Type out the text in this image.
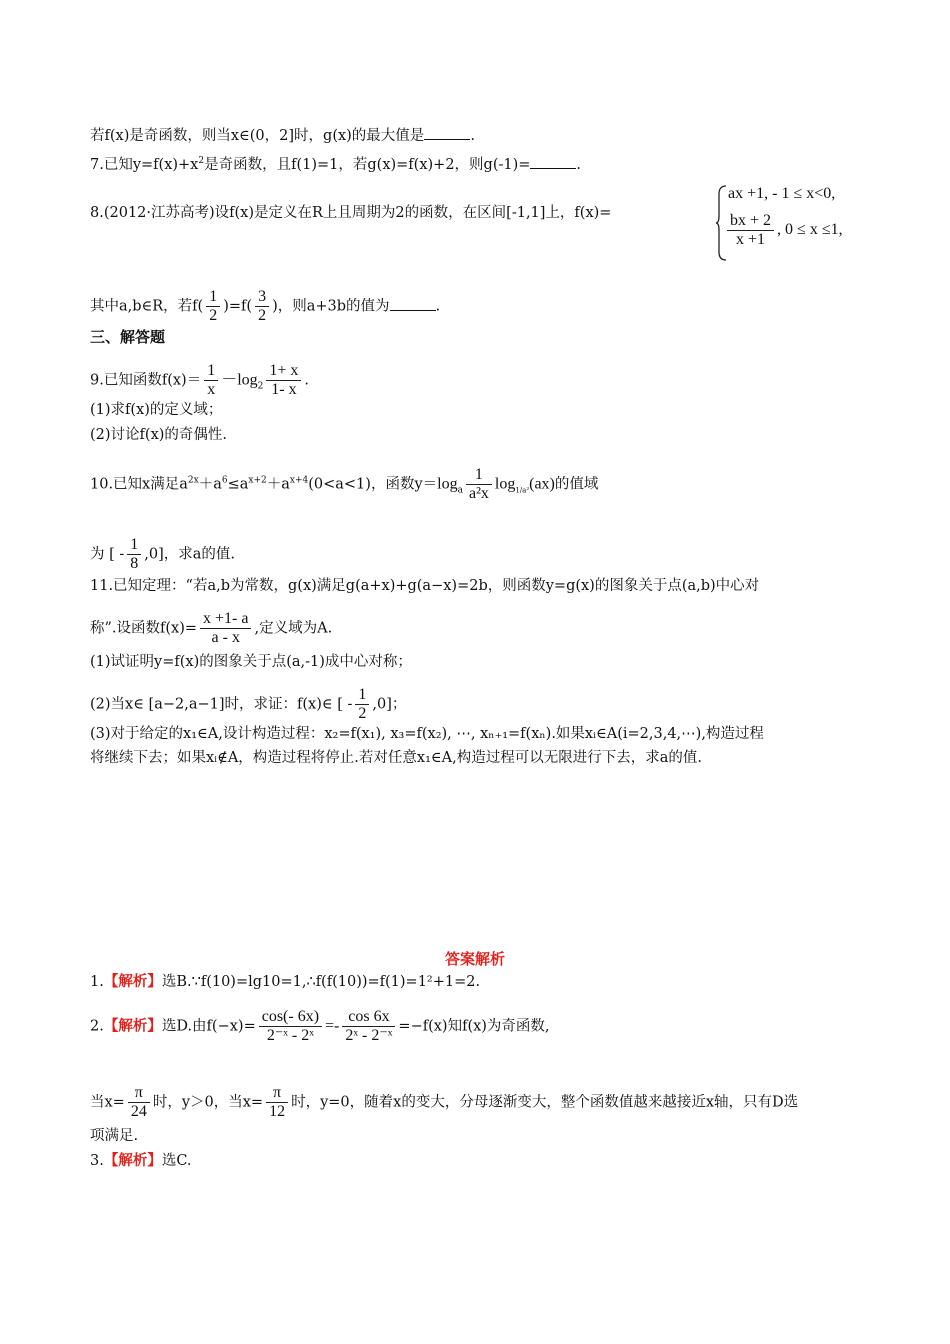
若f(x)是奇函数，则当x∈(0，2]时，g(x)的最大值是	.
7.已知$y=f(x)+x^2$是奇函数，且f(1)=1，若g(x)=f(x)+2，则g(-1)=	.
8.(2012·江苏高考)设f(x)是定义在R上且周期为2的函数，在区间[-1,1]上，f(x)=
ax +1, - 1 ≤ x<0,
$\frac{bx + 2}{x +1}$ , 0 ≤ x ≤1,
其中a,b∈R，若$f( \frac{1}{2} )=f( \frac{3}{2}$ )，则a+3b的值为	.
三、解答题
9.已知函数$f(x)= \frac{1}{x} -\log_2 \frac{1+ x}{1- x}$ .
(1)求f(x)的定义域；
(2)讨论f(x)的奇偶性.
10.已知x满足$a^{2x}+a^6\le a^{x+2}+a^{x+4}(0<a<1)$，函数$y=\log_a \frac{1}{\text{a²x}} \log_{1/a^2}(ax)$的值域
为 [ - $\frac{1}{8} ,0$]，求a的值.
11.已知定理：“若a,b为常数，g(x)满足g(a+x)+g(a−x)=2b，则函数y=g(x)的图象关于点(a,b)中心对
称”.设函数$f(x)= \frac{x +1- a}{a - x}$ ,定义域为A.
(1)试证明y=f(x)的图象关于点(a,-1)成中心对称；
(2)当x∈ [a−2,a−1]时，求证：f(x)∈ [ - $\frac{1}{2} ,0$]；
(3)对于给定的x₁∈A,设计构造过程：x₂=f(x₁), x₃=f(x₂), ⋯, xₙ₊₁=f(xₙ).如果xᵢ∈A(i=2,3,4,⋯),构造过程
将继续下去；如果xᵢ∉A，构造过程将停止.若对任意x₁∈A,构造过程可以无限进行下去，求a的值.
答案解析
1.【解析】选B.∵f(10)=lg10=1,∴f(f(10))=f(1)=1²+1=2.
2.【解析】选D.由$f(-x)= \frac{\cos(- 6x)}{\text{2⁻ˣ - 2ˣ}} =- \frac{\cos 6x}{\text{2ˣ - 2⁻ˣ}} =-f(x)$知f(x)为奇函数,
当$x= \frac{\pi}{24}$ 时，y＞0，当$x= \frac{\pi}{12}$ 时，y=0，随着x的变大，分母逐渐变大，整个函数值越来越接近x轴，只有D选
项满足.
3.【解析】选C.
